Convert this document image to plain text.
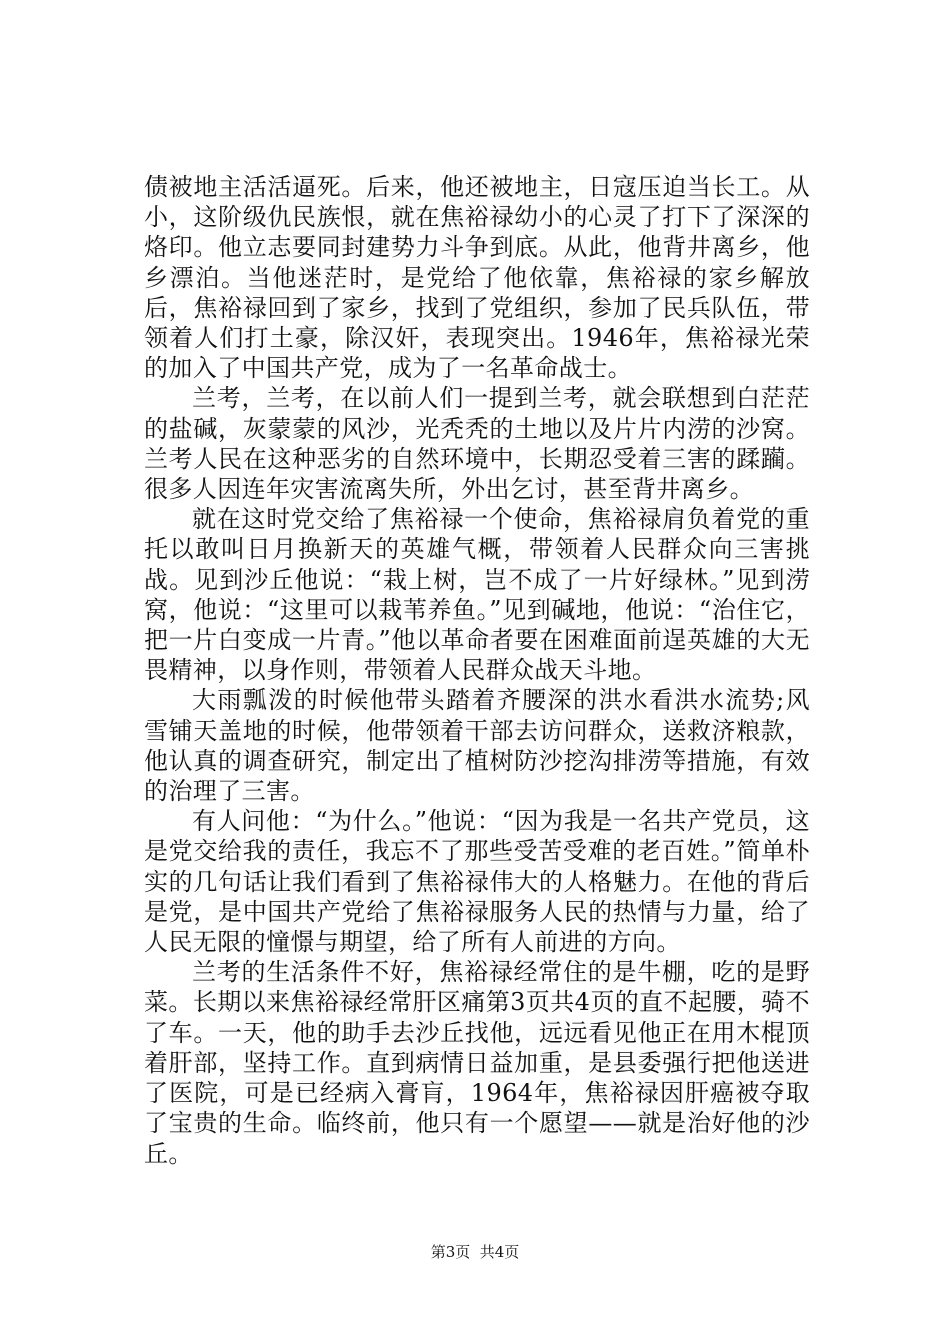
债被地主活活逼死。后来，他还被地主，日寇压迫当长工。从小，这阶级仇民族恨，就在焦裕禄幼小的心灵了打下了深深的烙印。他立志要同封建势力斗争到底。从此，他背井离乡，他乡漂泊。当他迷茫时，是党给了他依靠，焦裕禄的家乡解放后，焦裕禄回到了家乡，找到了党组织，参加了民兵队伍，带领着人们打土豪，除汉奸，表现突出。1946年，焦裕禄光荣的加入了中国共产党，成为了一名革命战士。

兰考，兰考，在以前人们一提到兰考，就会联想到白茫茫的盐碱，灰蒙蒙的风沙，光秃秃的土地以及片片内涝的沙窝。兰考人民在这种恶劣的自然环境中，长期忍受着三害的蹂躏。很多人因连年灾害流离失所，外出乞讨，甚至背井离乡。

就在这时党交给了焦裕禄一个使命，焦裕禄肩负着党的重托以敢叫日月换新天的英雄气概，带领着人民群众向三害挑战。见到沙丘他说：“栽上树，岂不成了一片好绿林。”见到涝窝，他说：“这里可以栽苇养鱼。”见到碱地，他说：“治住它，把一片白变成一片青。”他以革命者要在困难面前逞英雄的大无畏精神，以身作则，带领着人民群众战天斗地。

大雨瓢泼的时候他带头踏着齐腰深的洪水看洪水流势;风雪铺天盖地的时候，他带领着干部去访问群众，送救济粮款，他认真的调查研究，制定出了植树防沙挖沟排涝等措施，有效的治理了三害。

有人问他：“为什么。”他说：“因为我是一名共产党员，这是党交给我的责任，我忘不了那些受苦受难的老百姓。”简单朴实的几句话让我们看到了焦裕禄伟大的人格魅力。在他的背后是党，是中国共产党给了焦裕禄服务人民的热情与力量，给了人民无限的憧憬与期望，给了所有人前进的方向。

兰考的生活条件不好，焦裕禄经常住的是牛棚，吃的是野菜。长期以来焦裕禄经常肝区痛第3页共4页的直不起腰，骑不了车。一天，他的助手去沙丘找他，远远看见他正在用木棍顶着肝部，坚持工作。直到病情日益加重，是县委强行把他送进了医院，可是已经病入膏肓，1964年，焦裕禄因肝癌被夺取了宝贵的生命。临终前，他只有一个愿望——就是治好他的沙丘。

第3页  共4页
